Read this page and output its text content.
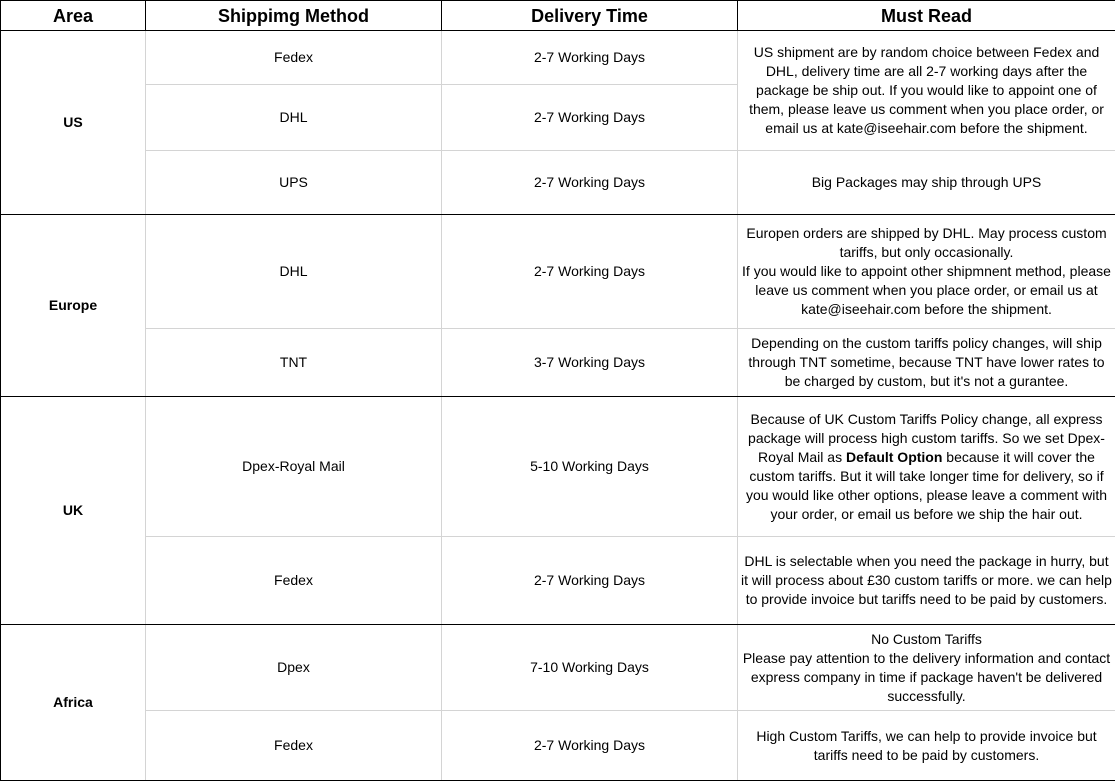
Area	Shippimg Method	Delivery Time	Must Read
US	Fedex	2-7 Working Days	US shipment are by random choice between Fedex and DHL, delivery time are all 2-7 working days after the package be ship out. If you would like to appoint one of them, please leave us comment when you place order, or email us at kate@iseehair.com before the shipment.
	DHL	2-7 Working Days	
	UPS	2-7 Working Days	Big Packages may ship through UPS
Europe	DHL	2-7 Working Days	Europen orders are shipped by DHL. May process custom tariffs, but only occasionally.
If you would like to appoint other shipmnent method, please leave us comment when you place order, or email us at kate@iseehair.com before the shipment.

	TNT	3-7 Working Days	Depending on the custom tariffs policy changes, will ship through TNT sometime, because TNT have lower rates to be charged by custom, but it's not a gurantee.
UK	Dpex-Royal Mail	5-10 Working Days	Because of UK Custom Tariffs Policy change, all express package will process high custom tariffs. So we set Dpex-Royal Mail as Default Option because it will cover the custom tariffs. But it will take longer time for delivery, so if you would like other options, please leave a comment with your order, or email us before we ship the hair out.
	Fedex	2-7 Working Days	DHL is selectable when you need the package in hurry, but it will process about £30 custom tariffs or more. we can help to provide invoice but tariffs need to be paid by customers.
Africa	Dpex	7-10 Working Days	No Custom Tariffs
Please pay attention to the delivery information and contact express company in time if package haven't be delivered successfully.

	Fedex	2-7 Working Days	High Custom Tariffs, we can help to provide invoice but tariffs need to be paid by customers.
